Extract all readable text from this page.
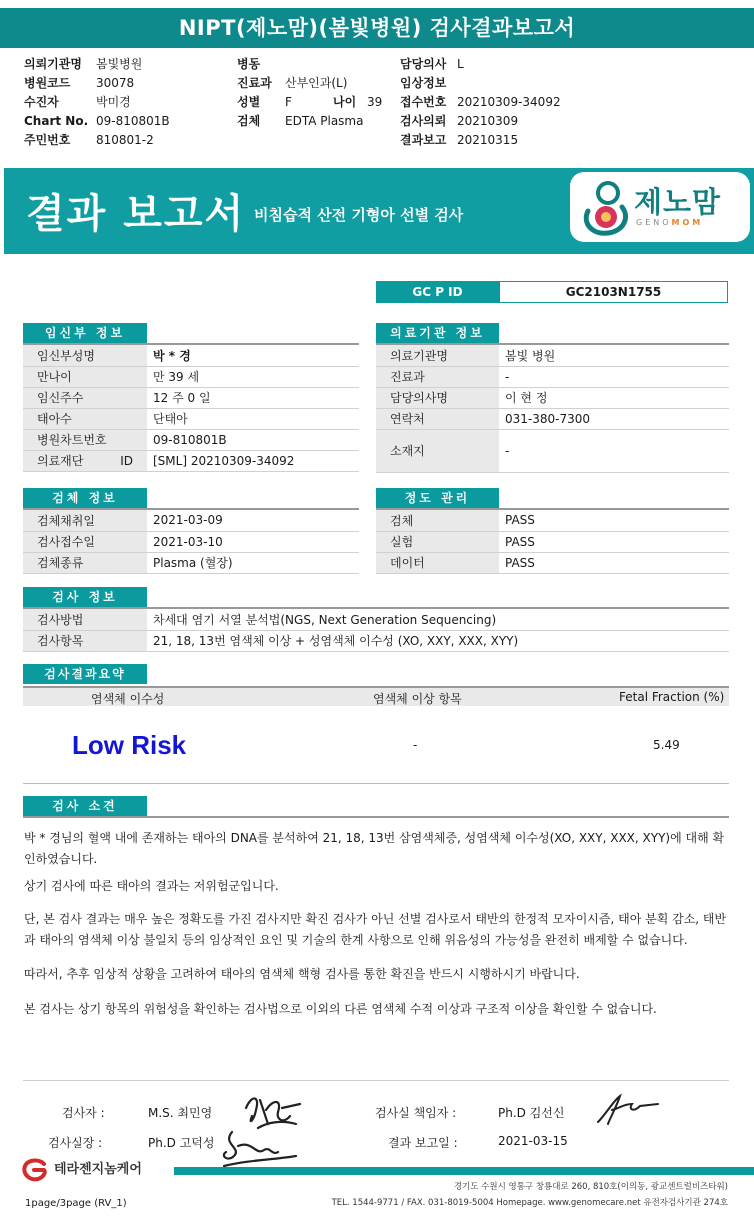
NIPT(제노맘)(봄빛병원) 검사결과보고서
의뢰기관명 봄빛병원
병원코드 30078
수진자	박미경
Chart No. 09-810801B
주민번호 810801-2
병동
진료과 산부인과(L)
성별 F	나이 39
검체 EDTA Plasma
담당의사 L
임상정보
접수번호 20210309-34092
검사의뢰 20210309
결과보고 20210315
결과 보고서 비침습적 산전 기형아 선별 검사	제노맘
GENOMOM
GC P ID	GC2103N1755
임신부 정보
임신부성명	박 * 경
만나이	만 39 세
임신주수	12 주 0 일
태아수	단태아
병원차트번호	09-810801B
의료재단 ID	[SML] 20210309-34092
의료기관 정보
의료기관명	봄빛 병원
진료과	-
담당의사명	이 현 정
연락처	031-380-7300
소재지	-
검체 정보
검체채취일	2021-03-09
검사접수일	2021-03-10
검체종류	Plasma (혈장)
정도 관리
검체	PASS
실험	PASS
데이터	PASS
검사 정보
검사방법	차세대 염기 서열 분석법(NGS, Next Generation Sequencing)
검사항목	21, 18, 13번 염색체 이상 + 성염색체 이수성 (XO, XXY, XXX, XYY)
검사결과요약
염색체 이수성	염색체 이상 항목	Fetal Fraction (%)
Low Risk	-	5.49
검사 소견
박 * 경님의 혈액 내에 존재하는 태아의 DNA를 분석하여 21, 18, 13번 삼염색체증, 성염색체 이수성(XO, XXY, XXX, XYY)에 대해 확인하였습니다.
상기 검사에 따른 태아의 결과는 저위험군입니다.
단, 본 검사 결과는 매우 높은 정확도를 가진 검사지만 확진 검사가 아닌 선별 검사로서 태반의 한정적 모자이시즘, 태아 분획 감소, 태반과 태아의 염색체 이상 불일치 등의 임상적인 요인 및 기술의 한계 사항으로 인해 위음성의 가능성을 완전히 배제할 수 없습니다.
따라서, 추후 임상적 상황을 고려하여 태아의 염색체 핵형 검사를 통한 확진을 반드시 시행하시기 바랍니다.
본 검사는 상기 항목의 위험성을 확인하는 검사법으로 이외의 다른 염색체 수적 이상과 구조적 이상을 확인할 수 없습니다.
검사자 :	M.S. 최민영
검사실장 :	Ph.D 고덕성
검사실 책임자 :	Ph.D 김선신
결과 보고일 :	2021-03-15
테라젠지놈케어
경기도 수원시 영통구 창룡대로 260, 810호(이의동, 광교센트럴비즈타워)
TEL. 1544-9771 / FAX. 031-8019-5004 Homepage. www.genomecare.net 유전자검사기관 274호
1page/3page (RV_1)
